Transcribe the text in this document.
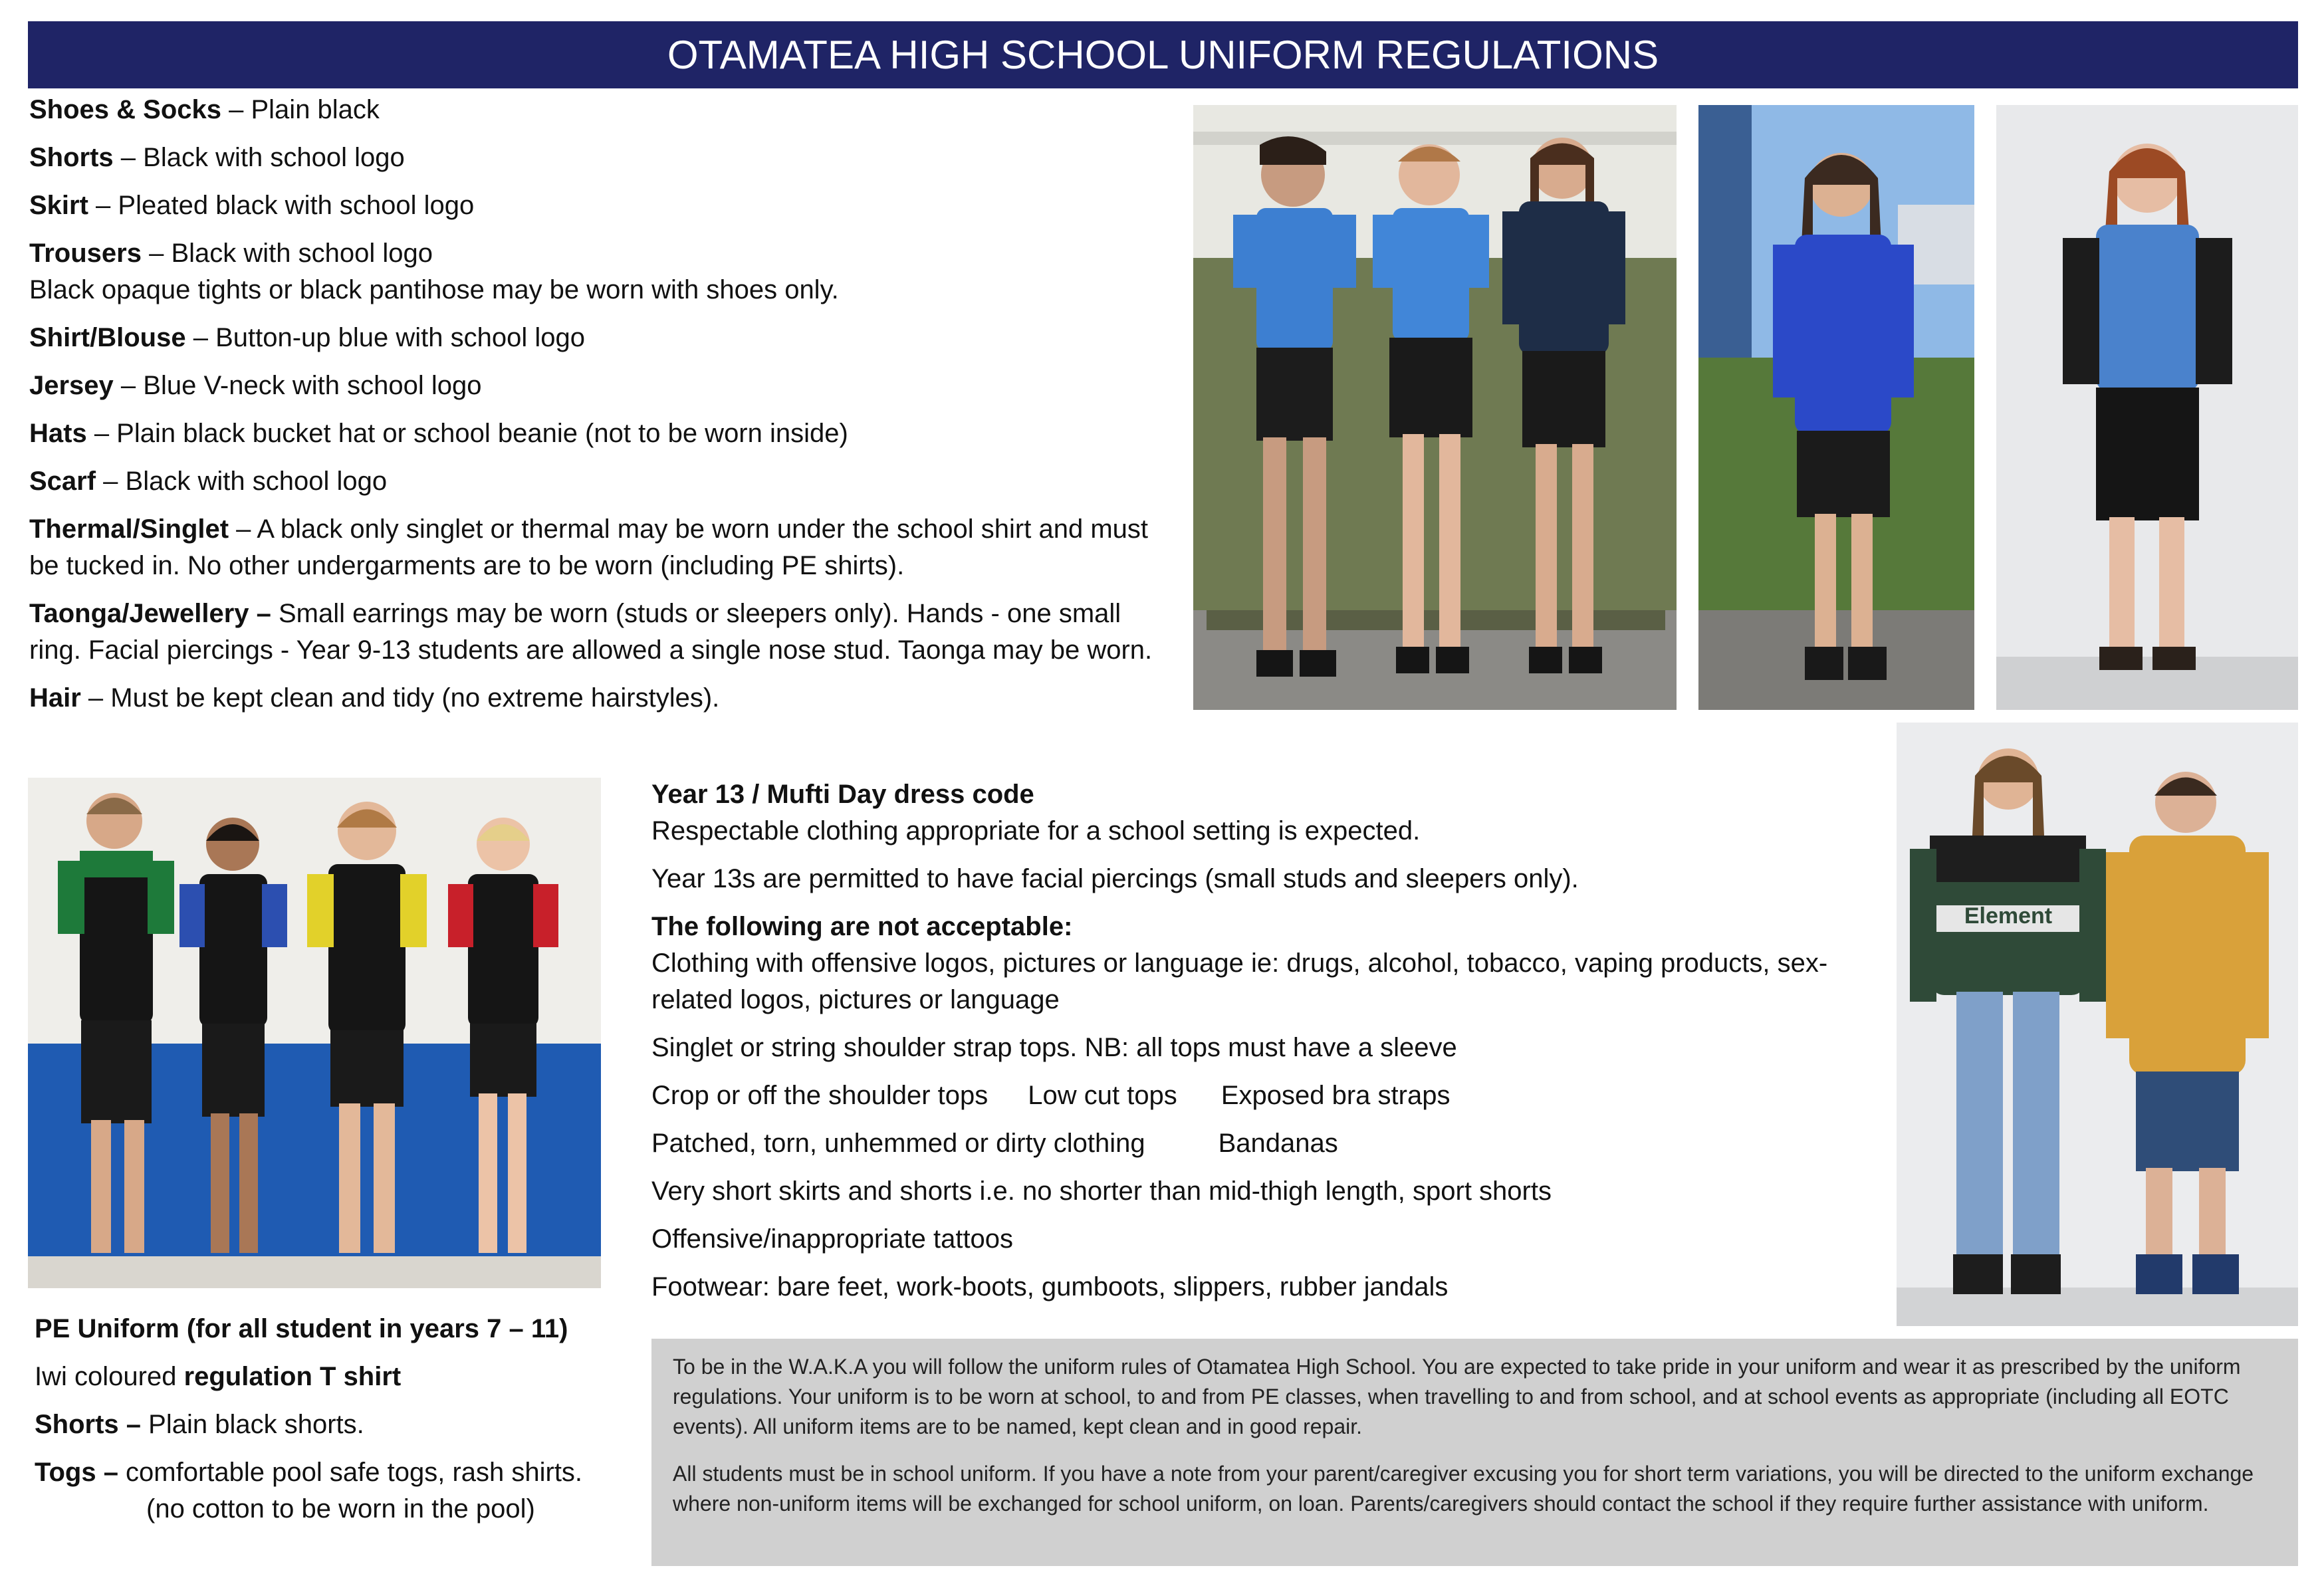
OTAMATEA HIGH SCHOOL UNIFORM REGULATIONS
Shoes & Socks – Plain black
Shorts – Black with school logo
Skirt – Pleated black with school logo
Trousers – Black with school logo
Black opaque tights or black pantihose may be worn with shoes only.
Shirt/Blouse – Button-up blue with school logo
Jersey – Blue V-neck with school logo
Hats – Plain black bucket hat or school beanie (not to be worn inside)
Scarf – Black with school logo
Thermal/Singlet – A black only singlet or thermal may be worn under the school shirt and must be tucked in. No other undergarments are to be worn (including PE shirts).
Taonga/Jewellery – Small earrings may be worn (studs or sleepers only). Hands - one small ring. Facial piercings - Year 9-13 students are allowed a single nose stud. Taonga may be worn.
Hair – Must be kept clean and tidy (no extreme hairstyles).
Element

Year 13 / Mufti Day dress code

Respectable clothing appropriate for a school setting is expected.

Year 13s are permitted to have facial piercings (small studs and sleepers only).

The following are not acceptable:

Clothing with offensive logos, pictures or language ie: drugs, alcohol, tobacco, vaping products, sex-related logos, pictures or language

Singlet or string shoulder strap tops. NB: all tops must have a sleeve

Crop or off the shoulder tops Low cut tops Exposed bra straps

Patched, torn, unhemmed or dirty clothing	Bandanas

Very short skirts and shorts i.e. no shorter than mid-thigh length, sport shorts

Offensive/inappropriate tattoos

Footwear: bare feet, work-boots, gumboots, slippers, rubber jandals

PE Uniform (for all student in years 7 – 11)

Iwi coloured regulation T shirt

Shorts – Plain black shorts.

Togs – comfortable pool safe togs, rash shirts.
(no cotton to be worn in the pool)

To be in the W.A.K.A you will follow the uniform rules of Otamatea High School. You are expected to take pride in your uniform and wear it as prescribed by the uniform regulations. Your uniform is to be worn at school, to and from PE classes, when travelling to and from school, and at school events as appropriate (including all EOTC events). All uniform items are to be named, kept clean and in good repair.

All students must be in school uniform. If you have a note from your parent/caregiver excusing you for short term variations, you will be directed to the uniform exchange where non-uniform items will be exchanged for school uniform, on loan. Parents/caregivers should contact the school if they require further assistance with uniform.
